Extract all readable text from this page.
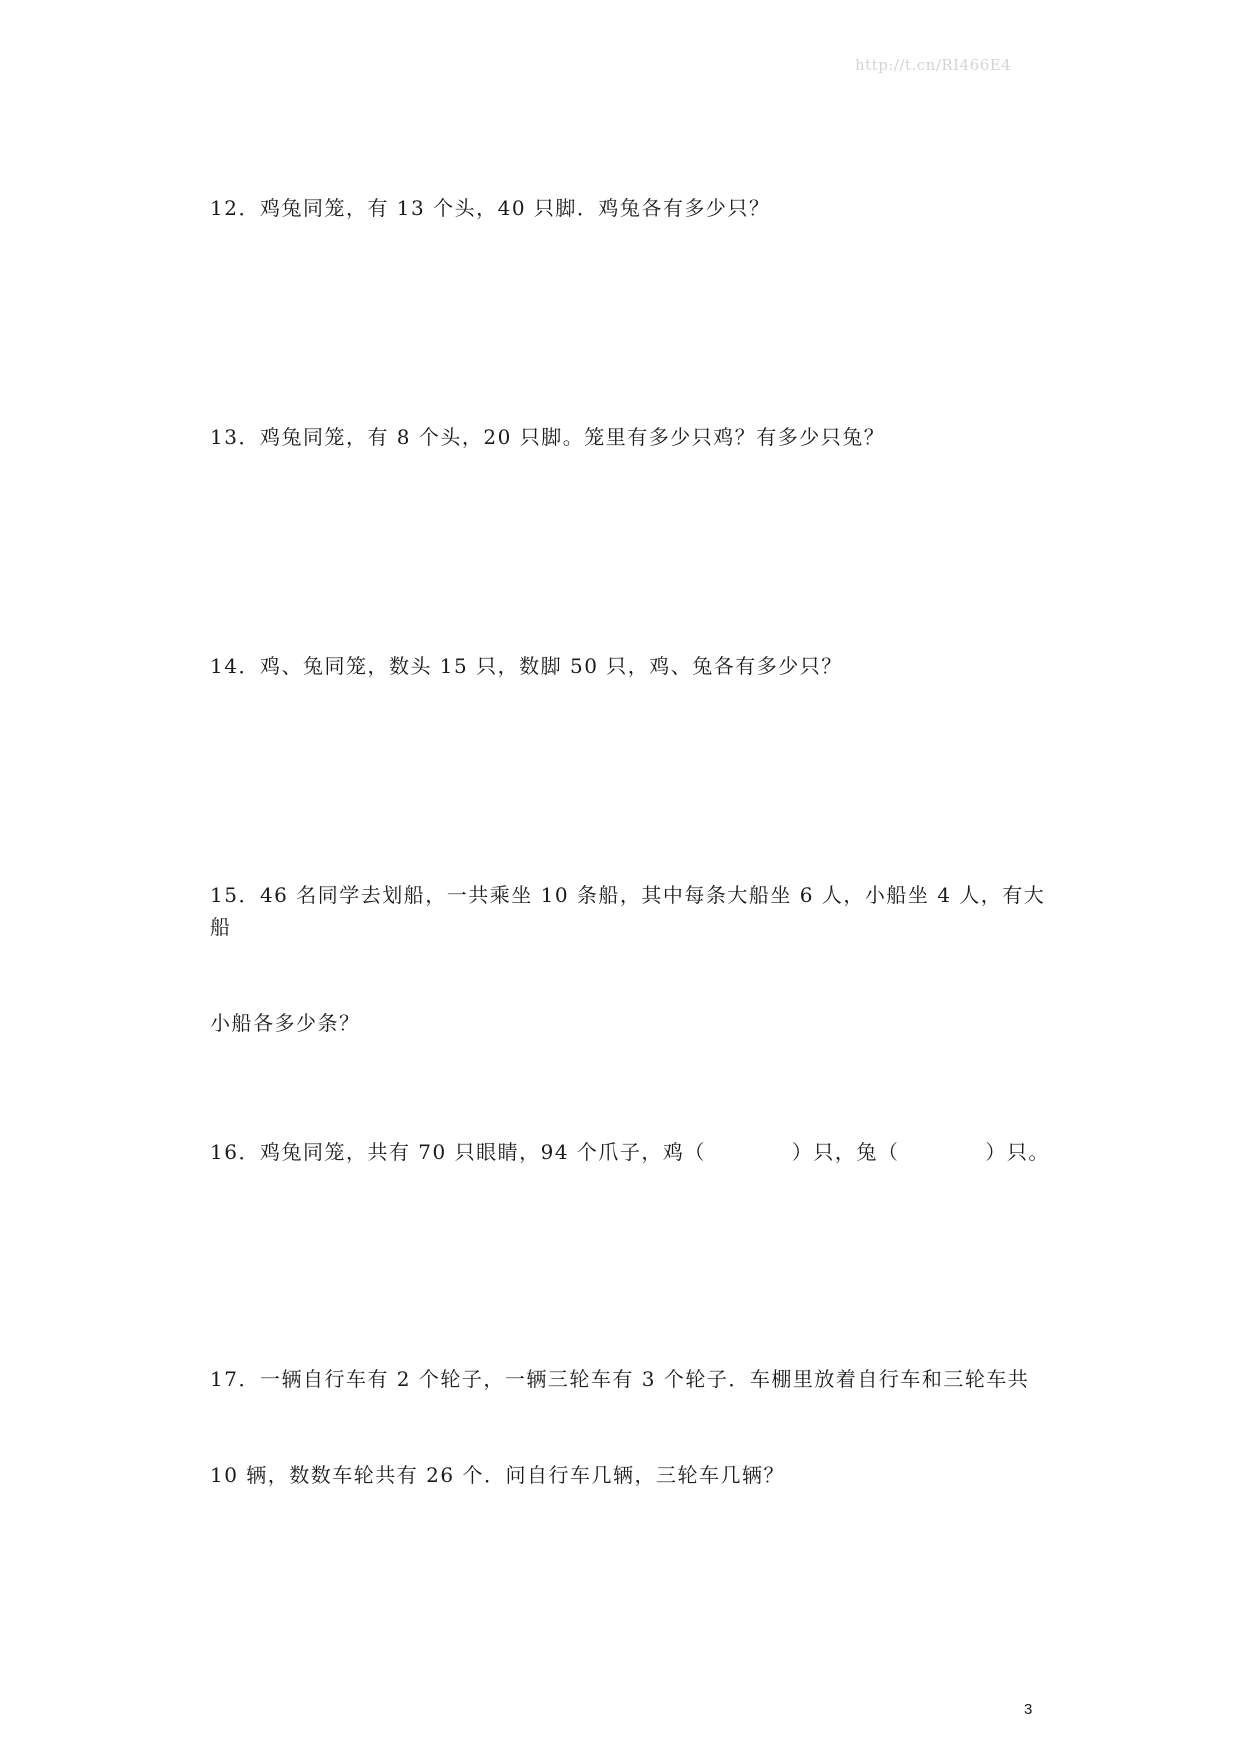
http://t.cn/RI466E4

12．鸡兔同笼，有 13 个头，40 只脚．鸡兔各有多少只？

13．鸡兔同笼，有 8 个头，20 只脚。笼里有多少只鸡？有多少只兔？

14．鸡、兔同笼，数头 15 只，数脚 50 只，鸡、兔各有多少只？

15．46 名同学去划船，一共乘坐 10 条船，其中每条大船坐 6 人，小船坐 4 人，有大船

小船各多少条？

16．鸡兔同笼，共有 70 只眼睛，94 个爪子，鸡（　　　　）只，兔（　　　　）只。

17．一辆自行车有 2 个轮子，一辆三轮车有 3 个轮子．车棚里放着自行车和三轮车共

10 辆，数数车轮共有 26 个．问自行车几辆，三轮车几辆？

3
